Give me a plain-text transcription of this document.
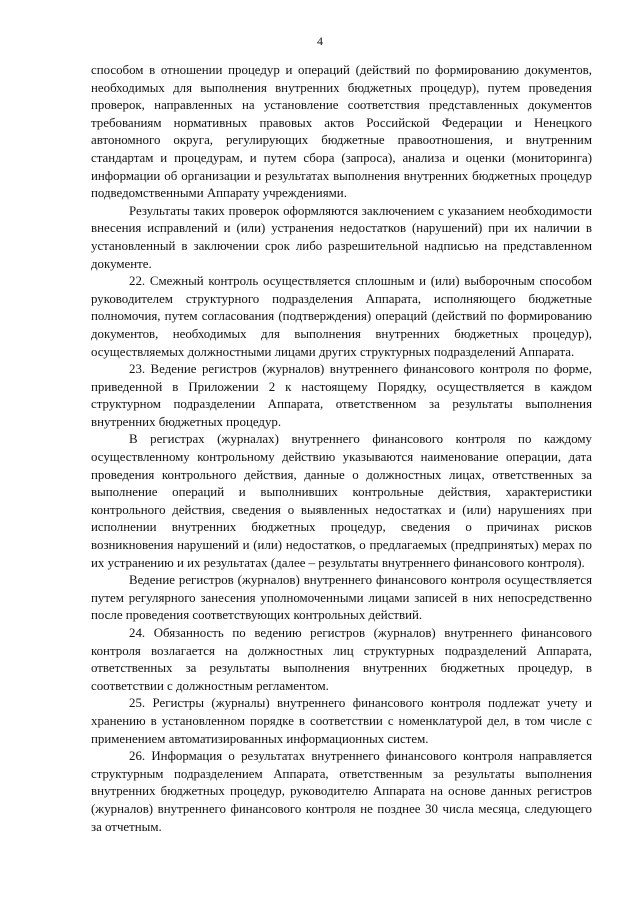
4

способом в отношении процедур и операций (действий по формированию документов, необходимых для выполнения внутренних бюджетных процедур), путем проведения проверок, направленных на установление соответствия представленных документов требованиям нормативных правовых актов Российской Федерации и Ненецкого автономного округа, регулирующих бюджетные правоотношения, и внутренним стандартам и процедурам, и путем сбора (запроса), анализа и оценки (мониторинга) информации об организации и результатах выполнения внутренних бюджетных процедур подведомственными Аппарату учреждениями.

Результаты таких проверок оформляются заключением с указанием необходимости внесения исправлений и (или) устранения недостатков (нарушений) при их наличии в установленный в заключении срок либо разрешительной надписью на представленном документе.

22. Смежный контроль осуществляется сплошным и (или) выборочным способом руководителем структурного подразделения Аппарата, исполняющего бюджетные полномочия, путем согласования (подтверждения) операций (действий по формированию документов, необходимых для выполнения внутренних бюджетных процедур), осуществляемых должностными лицами других структурных подразделений Аппарата.

23. Ведение регистров (журналов) внутреннего финансового контроля по форме, приведенной в Приложении 2 к настоящему Порядку, осуществляется в каждом структурном подразделении Аппарата, ответственном за результаты выполнения внутренних бюджетных процедур.

В регистрах (журналах) внутреннего финансового контроля по каждому осуществленному контрольному действию указываются наименование операции, дата проведения контрольного действия, данные о должностных лицах, ответственных за выполнение операций и выполнивших контрольные действия, характеристики контрольного действия, сведения о выявленных недостатках и (или) нарушениях при исполнении внутренних бюджетных процедур, сведения о причинах рисков возникновения нарушений и (или) недостатков, о предлагаемых (предпринятых) мерах по их устранению и их результатах (далее – результаты внутреннего финансового контроля).

Ведение регистров (журналов) внутреннего финансового контроля осуществляется путем регулярного занесения уполномоченными лицами записей в них непосредственно после проведения соответствующих контрольных действий.

24. Обязанность по ведению регистров (журналов) внутреннего финансового контроля возлагается на должностных лиц структурных подразделений Аппарата, ответственных за результаты выполнения внутренних бюджетных процедур, в соответствии с должностным регламентом.

25. Регистры (журналы) внутреннего финансового контроля подлежат учету и хранению в установленном порядке в соответствии с номенклатурой дел, в том числе с применением автоматизированных информационных систем.

26. Информация о результатах внутреннего финансового контроля направляется структурным подразделением Аппарата, ответственным за результаты выполнения внутренних бюджетных процедур, руководителю Аппарата на основе данных регистров (журналов) внутреннего финансового контроля не позднее 30 числа месяца, следующего за отчетным.
